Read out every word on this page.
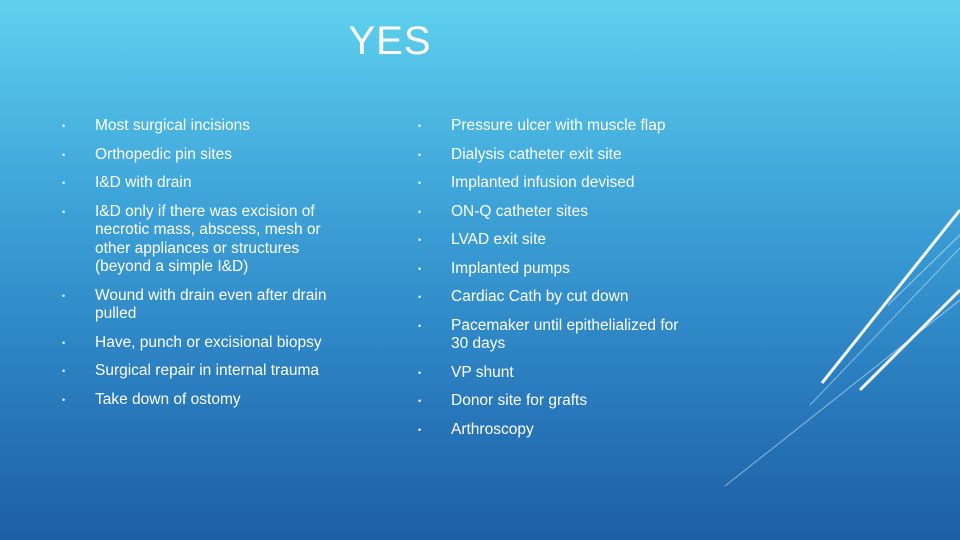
YES
• Most surgical incisions
• Orthopedic pin sites
• I&D with drain
• I&D only if there was excision of necrotic mass, abscess, mesh or other appliances or structures (beyond a simple I&D)
• Wound with drain even after drain pulled
• Have, punch or excisional biopsy
• Surgical repair in internal trauma
• Take down of ostomy
• Pressure ulcer with muscle flap
• Dialysis catheter exit site
• Implanted infusion devised
• ON-Q catheter sites
• LVAD exit site
• Implanted pumps
• Cardiac Cath by cut down
• Pacemaker until epithelialized for 30 days
• VP shunt
• Donor site for grafts
• Arthroscopy
